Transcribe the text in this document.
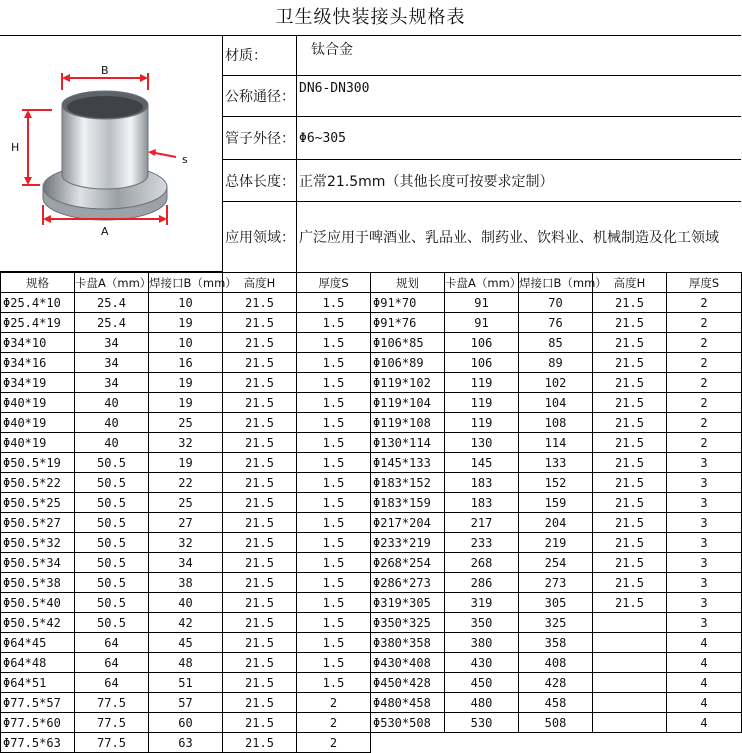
卫生级快装接头规格表
B
H
A
s
材质：	钛合金
公称通径：
DN6-DN300
管子外径： Φ6~305
总体长度： 正常21.5mm（其他长度可按要求定制）
应用领域： 广泛应用于啤酒业、乳品业、制药业、饮料业、机械制造及化工领域
规格	卡盘A（mm）	焊接口B（mm）	高度H	厚度S	规划	卡盘A（mm）	焊接口B（mm）	高度H	厚度S
Φ25.4*10	25.4	10	21.5	1.5	Φ91*70	91	70	21.5	2
Φ25.4*19	25.4	19	21.5	1.5	Φ91*76	91	76	21.5	2
Φ34*10	34	10	21.5	1.5	Φ106*85	106	85	21.5	2
Φ34*16	34	16	21.5	1.5	Φ106*89	106	89	21.5	2
Φ34*19	34	19	21.5	1.5	Φ119*102	119	102	21.5	2
Φ40*19	40	19	21.5	1.5	Φ119*104	119	104	21.5	2
Φ40*19	40	25	21.5	1.5	Φ119*108	119	108	21.5	2
Φ40*19	40	32	21.5	1.5	Φ130*114	130	114	21.5	2
Φ50.5*19	50.5	19	21.5	1.5	Φ145*133	145	133	21.5	3
Φ50.5*22	50.5	22	21.5	1.5	Φ183*152	183	152	21.5	3
Φ50.5*25	50.5	25	21.5	1.5	Φ183*159	183	159	21.5	3
Φ50.5*27	50.5	27	21.5	1.5	Φ217*204	217	204	21.5	3
Φ50.5*32	50.5	32	21.5	1.5	Φ233*219	233	219	21.5	3
Φ50.5*34	50.5	34	21.5	1.5	Φ268*254	268	254	21.5	3
Φ50.5*38	50.5	38	21.5	1.5	Φ286*273	286	273	21.5	3
Φ50.5*40	50.5	40	21.5	1.5	Φ319*305	319	305	21.5	3
Φ50.5*42	50.5	42	21.5	1.5	Φ350*325	350	325		3
Φ64*45	64	45	21.5	1.5	Φ380*358	380	358		4
Φ64*48	64	48	21.5	1.5	Φ430*408	430	408		4
Φ64*51	64	51	21.5	1.5	Φ450*428	450	428		4
Φ77.5*57	77.5	57	21.5	2	Φ480*458	480	458		4
Φ77.5*60	77.5	60	21.5	2	Φ530*508	530	508		4
Φ77.5*63	77.5	63	21.5	2					
